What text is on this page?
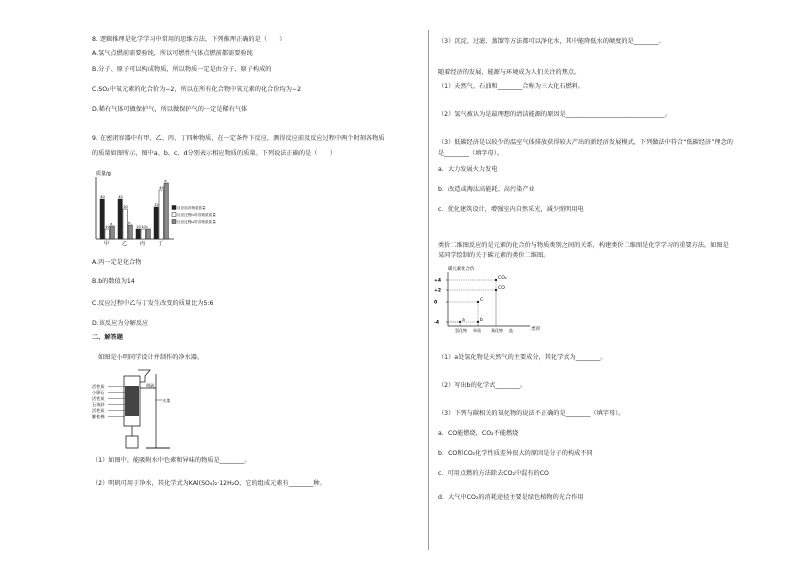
8. 逻辑推理是化学学习中常用的思维方法，下列推理正确的是（　　）
A.氢气点燃前需要验纯，所以可燃性气体点燃前都需要验纯
B.分子、原子可以构成物质，所以物质一定是由分子、原子构成的
C.SO₂中氧元素的化合价为−2，所以在所有化合物中氧元素的化合价均为−2
D.稀有气体可做保护气，所以做保护气的一定是稀有气体
9. 在密闭容器中有甲、乙、丙、丁四种物质，在一定条件下反应，测得反应前及反应过程中两个时刻各物质
的质量如图所示，图中a、b、c、d分别表示相应物质的质量。下列说法正确的是（　　）
质量/g
40
10
a
甲
40
30
b
乙
10 10 c
丙
32
49
d
丁
反应前各物质质量
反应过程t₁时各物质质量
反应过程t₂时各物质质量
A.丙一定是化合物
B.b的数值为14
C.反应过程中乙与丁发生改变的质量比为5:6
D.该反应为分解反应
二、解答题
如图是小明同学设计并制作的净水器。
活性炭
小卵石
活性炭
石英砂
活性炭
膨松棉
明矾
支架
（1）如图中，能吸附水中色素和异味的物质是________。
（2）明矾可用于净水，其化学式为KAl(SO₄)₂·12H₂O，它的组成元素有________种。
（3）沉淀、过滤、蒸馏等方法都可以净化水，其中能降低水的硬度的是________。
随着经济的发展，能源与环境成为人们关注的焦点。
（1）天然气、石油和________合称为三大化石燃料。
（2）氢气被认为是最理想的清洁能源的原因是________________________________。
（3）低碳经济是以较少的温室气体排放获得较大产出的新经济发展模式，下列做法中符合“低碳经济”理念的
是________（填字母）。
a．大力发展火力发电
b．改造或淘汰高能耗、高污染产业
c．优化建筑设计，增强室内自然采光，减少照明用电
类价二维图反应的是元素的化合价与物质类别之间的关系，构建类价二维图是化学学习的重要方法。如图是
某同学绘制的关于碳元素的类价二维图。
碳元素化合价
类别
+4
+2
0
-4
氢化物 单质	氧化物 盐
CO₂
CO
C
a	b
（1）a处氢化物是天然气的主要成分，其化学式为________。
（2）写出b的化学式________。
（3）下列与碳相关的氧化物的说法不正确的是________（填字母）。
a．CO能燃烧，CO₂不能燃烧
b．CO和CO₂化学性质差异很大的原因是分子的构成不同
c．可用点燃的方法除去CO₂中混有的CO
d．大气中CO₂的消耗途径主要是绿色植物的光合作用
